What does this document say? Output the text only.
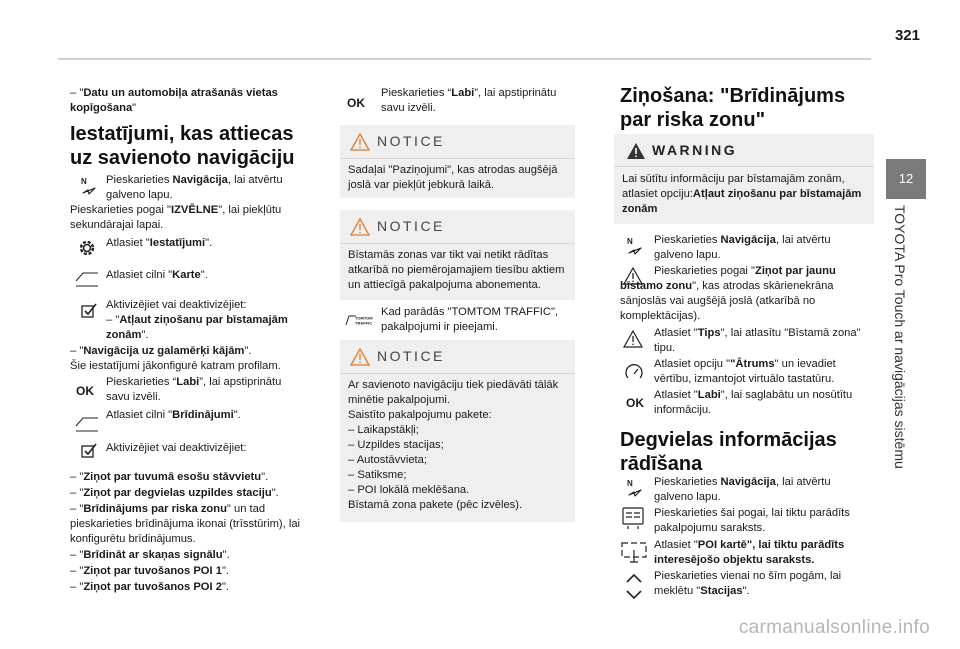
321
12
TOYOTA Pro Touch ar navigācijas sistēmu

– "Datu un automobiļa atrašanās vietas kopīgošana"

Iestatījumi, kas attiecas uz savienoto navigāciju
N Pieskarieties Navigācija, lai atvērtu galveno lapu.

Pieskarieties pogai "IZVĒLNE", lai piekļūtu sekundārajai lapai.

Atlasiet "Iestatījumi".

Atlasiet cilni "Karte".

Aktivizējiet vai deaktivizējiet:

– "Atļaut ziņošanu par bīstamajām zonām".

– "Navigācija uz galamērķi kājām".

Šie iestatījumi jākonfigurē katram profilam.

OK

Pieskarieties “Labi”, lai apstiprinātu savu izvēli.

Atlasiet cilni "Brīdinājumi".

Aktivizējiet vai deaktivizējiet:

– "Ziņot par tuvumā esošu stāvvietu".

– "Ziņot par degvielas uzpildes staciju".

– "Brīdinājums par riska zonu" un tad pieskarieties brīdinājuma ikonai (trīsstūrim), lai konfigurētu brīdinājumus.

– "Brīdināt ar skaņas signālu".

– "Ziņot par tuvošanos POI 1".

– "Ziņot par tuvošanos POI 2".

OK

Pieskarieties “Labi”, lai apstiprinātu savu izvēli.

NOTICE

Sadaļai "Paziņojumi", kas atrodas augšējā joslā var piekļūt jebkurā laikā.

NOTICE

Bīstamās zonas var tikt vai netikt rādītas atkarībā no piemērojamajiem tiesību aktiem un attiecīgā pakalpojuma abonementa.

TOMTOM
TRAFFIC

Kad parādās "TOMTOM TRAFFIC", pakalpojumi ir pieejami.

NOTICE

Ar savienoto navigāciju tiek piedāvāti tālāk minētie pakalpojumi.

Saistīto pakalpojumu pakete:

– Laikapstākļi;

– Uzpildes stacijas;

– Autostāvvieta;

– Satiksme;

– POI lokālā meklēšana.

Bīstamā zona pakete (pēc izvēles).

Ziņošana: "Brīdinājums par riska zonu"
WARNING

Lai sūtītu informāciju par bīstamajām zonām, atlasiet opciju:Atļaut ziņošanu par bīstamajām zonām

N Pieskarieties Navigācija, lai atvērtu galveno lapu.

Pieskarieties pogai "Ziņot par jaunu bīstamo zonu", kas atrodas skārienekrāna sānjoslās vai augšējā joslā (atkarībā no komplektācijas).

Atlasiet "Tips", lai atlasītu "Bīstamā zona" tipu.

Atlasiet opciju ""Ātrums" un ievadiet vērtību, izmantojot virtuālo tastatūru.

OK

Atlasiet "Labi", lai saglabātu un nosūtītu informāciju.

Degvielas informācijas rādīšana
N Pieskarieties Navigācija, lai atvērtu galveno lapu.

Pieskarieties šai pogai, lai tiktu parādīts pakalpojumu saraksts.

Atlasiet "POI kartē", lai tiktu parādīts interesējošo objektu saraksts.

Pieskarieties vienai no šīm pogām, lai meklētu "Stacijas".

carmanualsonline.info
